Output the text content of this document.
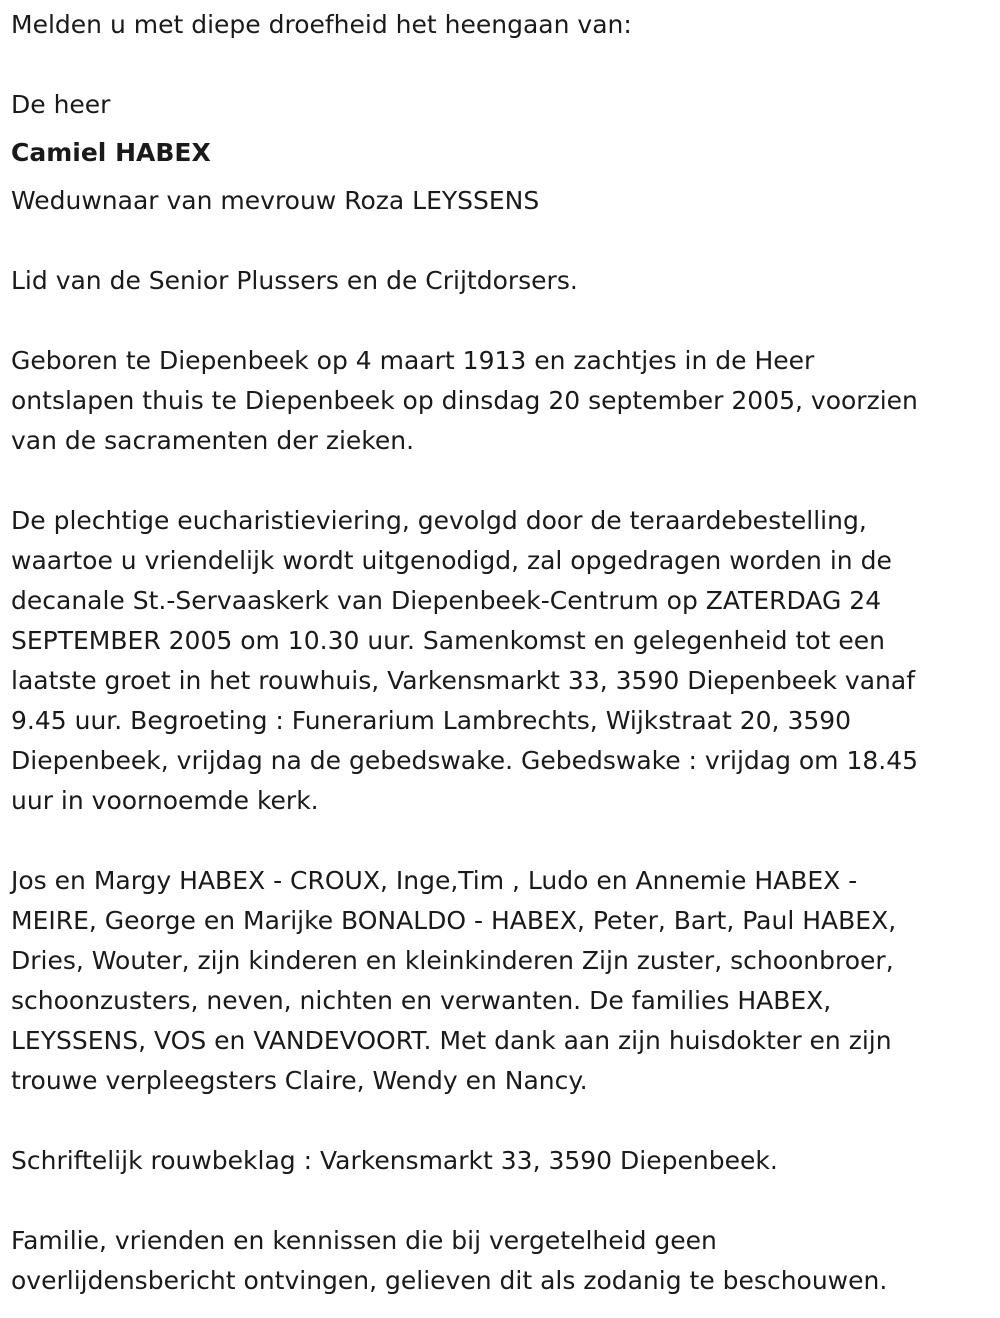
Melden u met diepe droefheid het heengaan van:
De heer
Camiel HABEX
Weduwnaar van mevrouw Roza LEYSSENS
Lid van de Senior Plussers en de Crijtdorsers.
Geboren te Diepenbeek op 4 maart 1913 en zachtjes in de Heer
ontslapen thuis te Diepenbeek op dinsdag 20 september 2005, voorzien
van de sacramenten der zieken.
De plechtige eucharistieviering, gevolgd door de teraardebestelling,
waartoe u vriendelijk wordt uitgenodigd, zal opgedragen worden in de
decanale St.-Servaaskerk van Diepenbeek-Centrum op ZATERDAG 24
SEPTEMBER 2005 om 10.30 uur. Samenkomst en gelegenheid tot een
laatste groet in het rouwhuis, Varkensmarkt 33, 3590 Diepenbeek vanaf
9.45 uur. Begroeting : Funerarium Lambrechts, Wijkstraat 20, 3590
Diepenbeek, vrijdag na de gebedswake. Gebedswake : vrijdag om 18.45
uur in voornoemde kerk.
Jos en Margy HABEX - CROUX, Inge,Tim , Ludo en Annemie HABEX -
MEIRE, George en Marijke BONALDO - HABEX, Peter, Bart, Paul HABEX,
Dries, Wouter, zijn kinderen en kleinkinderen Zijn zuster, schoonbroer,
schoonzusters, neven, nichten en verwanten. De families HABEX,
LEYSSENS, VOS en VANDEVOORT. Met dank aan zijn huisdokter en zijn
trouwe verpleegsters Claire, Wendy en Nancy.
Schriftelijk rouwbeklag : Varkensmarkt 33, 3590 Diepenbeek.
Familie, vrienden en kennissen die bij vergetelheid geen
overlijdensbericht ontvingen, gelieven dit als zodanig te beschouwen.
